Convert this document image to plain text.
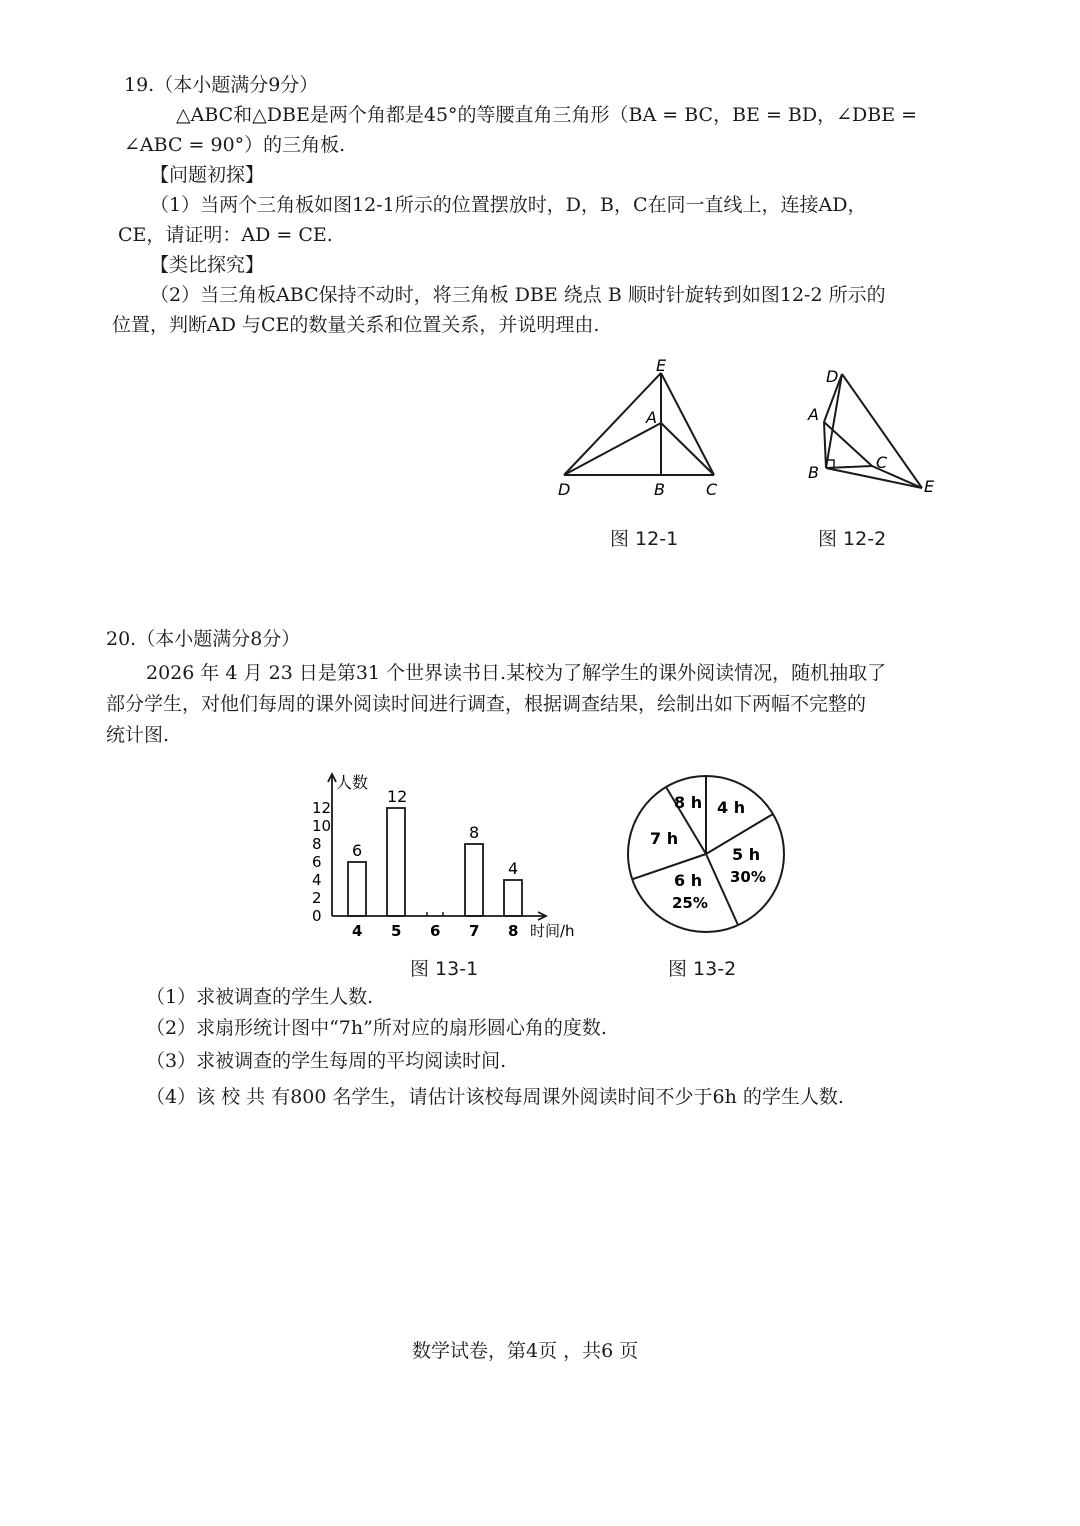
19.（本小题满分9分）
△ABC和△DBE是两个角都是45°的等腰直角三角形（BA = BC，BE = BD，∠DBE =
∠ABC = 90°）的三角板.
【问题初探】
（1）当两个三角板如图12-1所示的位置摆放时，D，B，C在同一直线上，连接AD，
CE，请证明：AD = CE.
【类比探究】
（2）当三角板ABC保持不动时，将三角板 DBE 绕点 B 顺时针旋转到如图12-2 所示的
位置，判断AD 与CE的数量关系和位置关系，并说明理由.
E
A
D	B	C
图 12-1
D
A
B
C
E
图 12-2
20.（本小题满分8分）
2026 年 4 月 23 日是第31 个世界读书日.某校为了解学生的课外阅读情况，随机抽取了
部分学生，对他们每周的课外阅读时间进行调查，根据调查结果，绘制出如下两幅不完整的
统计图.
人数
时间/h
0
2
4
6
8
10
12
4
6
5
12
6 7
8
8
4
图 13-1
4 h
5 h
30%
6 h
25%
7 h
8 h
图 13-2
（1）求被调查的学生人数.
（2）求扇形统计图中“7h”所对应的扇形圆心角的度数.
（3）求被调查的学生每周的平均阅读时间.
（4）该 校 共 有800 名学生，请估计该校每周课外阅读时间不少于6h 的学生人数.
数学试卷，第4页 ，共6 页
